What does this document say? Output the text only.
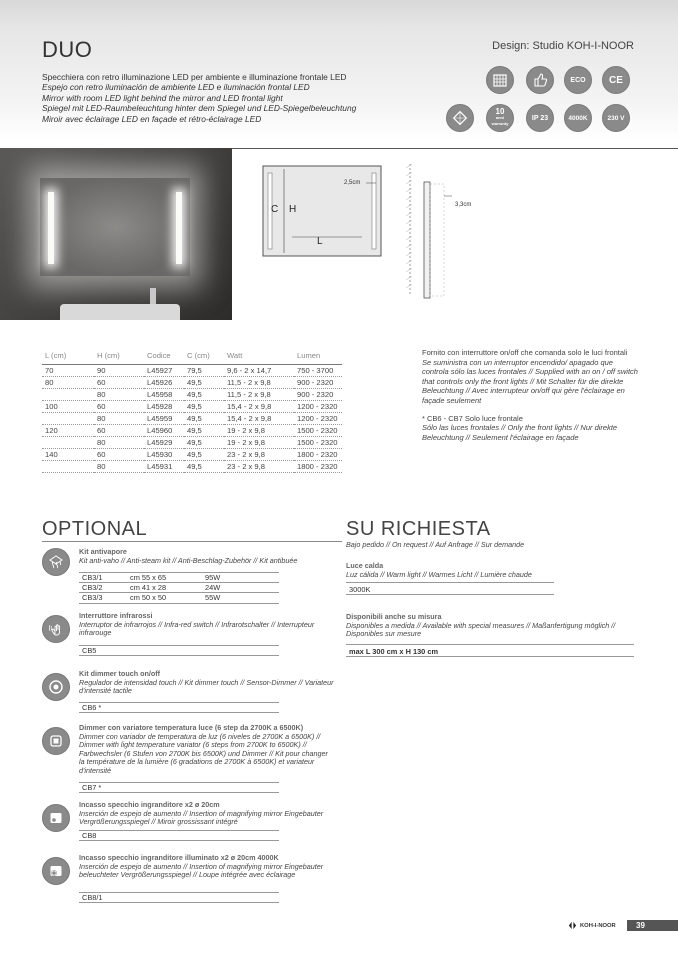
DUO	Design: Studio KOH-I-NOOR
Specchiera con retro illuminazione LED per ambiente e illuminazione frontale LED
Espejo con retro iluminación de ambiente LED e iluminación frontal LED
Mirror with room LED light behind the mirror and LED frontal light
Spiegel mit LED-Raumbeleuchtung hinter dem Spiegel und LED-Spiegelbeleuchtung
Miroir avec éclairage LED en façade et rétro-éclairage LED
ECO	CE
10
anni
warranty
IP 23	4000K	230 V
2,5cm
C H
L
3,3cm
L (cm)	H (cm)	Codice	C (cm)	Watt	Lumen
70	90	L45927	79,5	9,6 - 2 x 14,7	750 - 3700
80	60	L45926	49,5	11,5 - 2 x 9,8	900 - 2320
	80	L45958	49,5	11,5 - 2 x 9,8	900 - 2320
100	60	L45928	49,5	15,4 - 2 x 9,8	1200 - 2320
	80	L45959	49,5	15,4 - 2 x 9,8	1200 - 2320
120	60	L45960	49,5	19 - 2 x 9,8	1500 - 2320
	80	L45929	49,5	19 - 2 x 9,8	1500 - 2320
140	60	L45930	49,5	23 - 2 x 9,8	1800 - 2320
	80	L45931	49,5	23 - 2 x 9,8	1800 - 2320
Fornito con interruttore on/off che comanda solo le luci frontali
Se suministra con un interruptor encendido/ apagado que controla sólo las luces frontales // Supplied with an on / off switch that controls only the front lights // Mit Schalter für die direkte Beleuchtung // Avec interrupteur on/off qui gère l'éclairage en façade seulement
* CB6 - CB7 Solo luce frontale
Sólo las luces frontales // Only the front lights // Nur direkte Beleuchtung // Seulement l'éclairage en façade
OPTIONAL
Kit antivapore
Kit anti-vaho // Anti-steam kit // Anti-Beschlag-Zubehör // Kit antibuée
CB3/1	cm 55 x 65	95W
CB3/2	cm 41 x 28	24W
CB3/3	cm 50 x 50	55W
Interruttore infrarossi
Interruptor de infrarrojos // Infra-red switch // Infrarotschalter // Interrupteur infrarouge
CB5
Kit dimmer touch on/off
Regulador de intensidad touch // Kit dimmer touch // Sensor-Dimmer // Variateur d'intensité tactile
CB6 *
Dimmer con variatore temperatura luce (6 step da 2700K a 6500K)
Dimmer con variador de temperatura de luz (6 niveles de 2700K a 6500K) // Dimmer with light temperature variator (6 steps from 2700K to 6500K) // Farbwechsler (6 Stufen von 2700K bis 6500K) und Dimmer // Kit pour changer la température de la lumière (6 gradations de 2700K à 6500K) et variateur d'intensité
CB7 *
Incasso specchio ingranditore x2 ø 20cm
Inserción de espejo de aumento // Insertion of magnifying mirror Eingebauter Vergrößerungsspiegel // Miroir grossissant intégré
CB8
Incasso specchio ingranditore illuminato x2 ø 20cm 4000K
Inserción de espejo de aumento // Insertion of magnifying mirror Eingebauter beleuchteter Vergrößerungsspiegel // Loupe intégrée avec éclairage
CB8/1
SU RICHIESTA
Bajo pedido // On request // Auf Anfrage // Sur demande
Luce calda
Luz cálida // Warm light // Warmes Licht // Lumière chaude
3000K
Disponibili anche su misura
Disponibles a medida // Available with special measures // Maßanfertigung möglich // Disponibles sur mesure
max L 300 cm x H 130 cm
KOH-I-NOOR	39
